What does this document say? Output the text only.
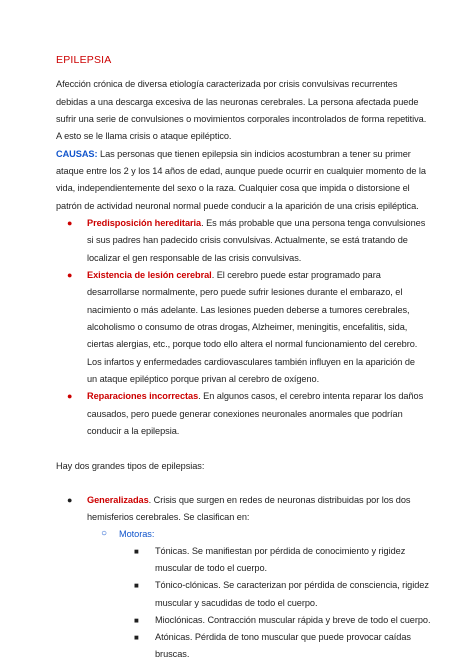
EPILEPSIA
Afección crónica de diversa etiología caracterizada por crisis convulsivas recurrentes
debidas a una descarga excesiva de las neuronas cerebrales. La persona afectada puede
sufrir una serie de convulsiones o movimientos corporales incontrolados de forma repetitiva.
A esto se le llama crisis o ataque epiléptico.
CAUSAS: Las personas que tienen epilepsia sin indicios acostumbran a tener su primer
ataque entre los 2 y los 14 años de edad, aunque puede ocurrir en cualquier momento de la
vida, independientemente del sexo o la raza. Cualquier cosa que impida o distorsione el
patrón de actividad neuronal normal puede conducir a la aparición de una crisis epiléptica.
● Predisposición hereditaria. Es más probable que una persona tenga convulsiones
si sus padres han padecido crisis convulsivas. Actualmente, se está tratando de
localizar el gen responsable de las crisis convulsivas.
● Existencia de lesión cerebral. El cerebro puede estar programado para
desarrollarse normalmente, pero puede sufrir lesiones durante el embarazo, el
nacimiento o más adelante. Las lesiones pueden deberse a tumores cerebrales,
alcoholismo o consumo de otras drogas, Alzheimer, meningitis, encefalitis, sida,
ciertas alergias, etc., porque todo ello altera el normal funcionamiento del cerebro.
Los infartos y enfermedades cardiovasculares también influyen en la aparición de
un ataque epiléptico porque privan al cerebro de oxígeno.
● Reparaciones incorrectas. En algunos casos, el cerebro intenta reparar los daños
causados, pero puede generar conexiones neuronales anormales que podrían
conducir a la epilepsia.
Hay dos grandes tipos de epilepsias:
● Generalizadas. Crisis que surgen en redes de neuronas distribuidas por los dos
hemisferios cerebrales. Se clasifican en:
○ Motoras:
■ Tónicas. Se manifiestan por pérdida de conocimiento y rigidez
muscular de todo el cuerpo.
■ Tónico-clónicas. Se caracterizan por pérdida de consciencia, rigidez
muscular y sacudidas de todo el cuerpo.
■ Mioclónicas. Contracción muscular rápida y breve de todo el cuerpo.
■ Atónicas. Pérdida de tono muscular que puede provocar caídas
bruscas.
